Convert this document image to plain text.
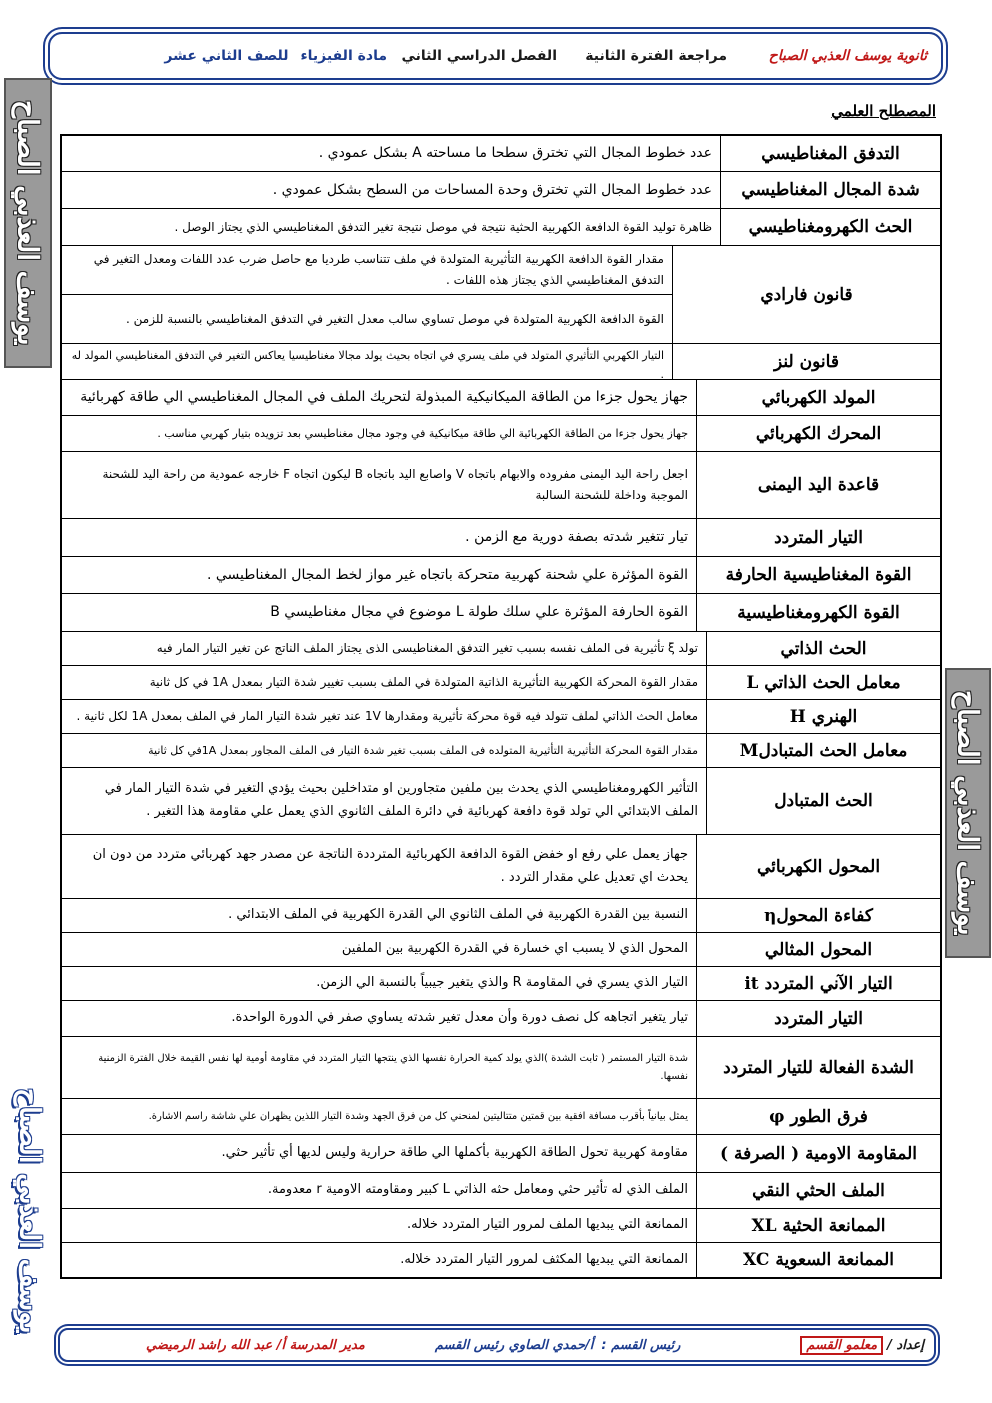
ثانوية يوسف العذبي الصباح
مراجعة الفترة الثانية
الفصل الدراسي الثاني
مادة الفيزياء
للصف الثاني عشر
يوسف العذبي الصباح
يوسف العذبي الصباح
يوسف العذبي الصباح
المصطلح العلمي
التدفق المغناطيسي
عدد خطوط المجال التي تخترق سطحا ما مساحته A بشكل عمودي .
شدة المجال المغناطيسي
عدد خطوط المجال التي تخترق وحدة المساحات من السطح بشكل عمودي .
الحث الكهرومغناطيسي
ظاهرة توليد القوة الدافعة الكهربية الحثية نتيجة في موصل نتيجة تغير التدفق المغناطيسي الذي يجتاز الوصل .
قانون فارادي
مقدار القوة الدافعة الكهربية التأثيرية المتولدة في ملف تتناسب طرديا مع حاصل ضرب عدد اللفات ومعدل التغير في التدفق المغناطيسي الذي يجتاز هذه اللفات .
القوة الدافعة الكهربية المتولدة في موصل تساوي سالب معدل التغير في التدفق المغناطيسي بالنسبة للزمن .
قانون لنز
التيار الكهربي التأثيري المتولد في ملف يسري في اتجاه بحيث يولد مجالا مغناطيسيا يعاكس التغير في التدفق المغناطيسي المولد له .
المولد الكهربائي
جهاز يحول جزءا من الطاقة الميكانيكية المبذولة لتحريك الملف في المجال المغناطيسي الي طاقة كهربائية
المحرك الكهربائي
جهاز يحول جزءا من الطاقة الكهربائية الي طاقة ميكانيكية في وجود مجال مغناطيسي بعد تزويده بتيار كهربي مناسب .
قاعدة اليد اليمنى
اجعل راحة اليد اليمنى مفروده والابهام باتجاه V واصابع اليد باتجاه B ليكون اتجاه F خارجه عمودية من راحة اليد للشحنة الموجبة وداخلة للشحنة السالبة
التيار المتردد
تيار تتغير شدته بصفة دورية مع الزمن .
القوة المغناطيسية الحارفة
القوة المؤثرة علي شحنة كهربية متحركة باتجاه غير مواز لخط المجال المغناطيسي .
القوة الكهرومغناطيسية
القوة الحارفة المؤثرة علي سلك طولة L موضوع في مجال مغناطيسي B
الحث الذاتي
تولد ξ تأثيرية فى الملف نفسه بسبب تغير التدفق المغناطيسى الذى يجتاز الملف الناتج عن تغير التيار المار فيه
معامل الحث الذاتي L
مقدار القوة المحركة الكهربية التأثيرية الذاتية المتولدة في الملف بسبب تغيير شدة التيار بمعدل 1A في كل ثانية
الهنري H
معامل الحث الذاتي لملف تتولد فيه قوة محركة تأثيرية ومقدارها 1V عند تغير شدة التيار المار في الملف بمعدل 1A لكل ثانية .
معامل الحث المتبادلM
مقدار القوة المحركة التأثيرية التأثيرية المتولده فى الملف بسبب تغير شدة التيار فى الملف المجاور بمعدل 1Aفي كل ثانية
الحث المتبادل
التأثير الكهرومغناطيسي الذي يحدث بين ملفين متجاورين او متداخلين بحيث يؤدي التغير في شدة التيار المار في الملف الابتدائي الي تولد قوة دافعة كهربائية في دائرة الملف الثانوي الذي يعمل علي مقاومة هذا التغير .
المحول الكهربائي
جهاز يعمل علي رفع او خفض القوة الدافعة الكهربائية المترددة الناتجة عن مصدر جهد كهربائي متردد من دون ان يحدث اي تعديل علي مقدار التردد .
كفاءة المحولη
النسبة بين القدرة الكهربية في الملف الثانوي الي القدرة الكهربية في الملف الابتدائي .
المحول المثالي
المحول الذي لا يسبب اي خسارة في القدرة الكهربية بين الملفين
التيار الآني المتردد it
التيار الذي يسري في المقاومة R والذي يتغير جيبياً بالنسبة الي الزمن.
التيار المتردد
تيار يتغير اتجاهه كل نصف دورة وأن معدل تغير شدته يساوي صفر في الدورة الواحدة.
الشدة الفعالة للتيار المتردد
شدة التيار المستمر ( ثابت الشدة )الذي يولد كمية الحرارة نفسها الذي ينتجها التيار المتردد في مقاومة أومية لها نفس القيمة خلال الفترة الزمنية نفسها.
فرق الطور φ
يمثل بيانياً بأقرب مسافة افقية بين قمتين متتاليتين لمنحني كل من فرق الجهد وشدة التيار اللذين يظهران علي شاشة راسم الاشارة.
المقاومة الاومية ( الصرفة )
مقاومة كهربية تحول الطاقة الكهربية بأكملها الي طاقة حرارية وليس لديها أي تأثير حثي.
الملف الحثي النقي
الملف الذي له تأثير حثي ومعامل حثه الذاتي L كبير ومقاومته الاومية r معدومة.
الممانعة الحثية XL
الممانعة التي يبديها الملف لمرور التيار المتردد خلاله.
الممانعة السعوية XC
الممانعة التي يبديها المكثف لمرور التيار المتردد خلاله.
إعداد /
معلمو القسم
رئيس القسم :
أ/حمدي الصاوي رئيس القسم
مدير المدرسة أ/ عبد الله راشد الرميضي
